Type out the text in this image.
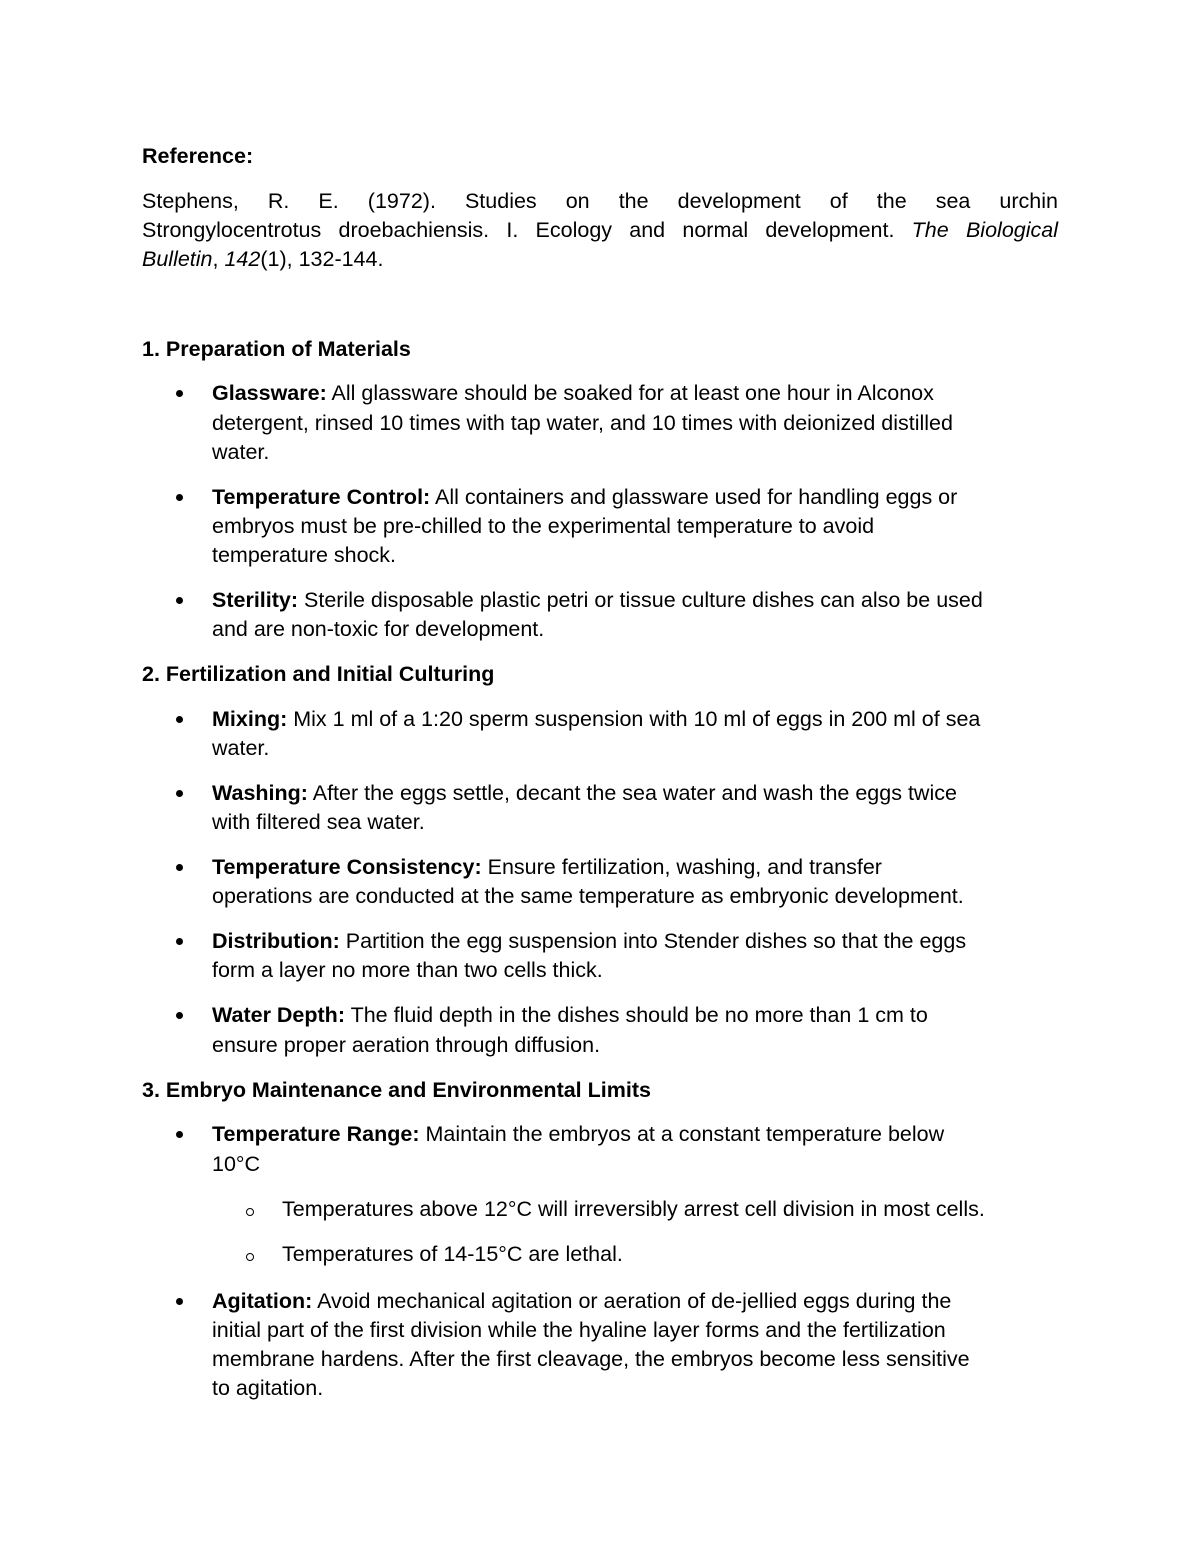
Reference:
Stephens, R. E. (1972). Studies on the development of the sea urchin
Strongylocentrotus droebachiensis. I. Ecology and normal development. The Biological
Bulletin, 142(1), 132-144.
1. Preparation of Materials
Glassware: All glassware should be soaked for at least one hour in Alconox
detergent, rinsed 10 times with tap water, and 10 times with deionized distilled
water.
Temperature Control: All containers and glassware used for handling eggs or
embryos must be pre-chilled to the experimental temperature to avoid
temperature shock.
Sterility: Sterile disposable plastic petri or tissue culture dishes can also be used
and are non-toxic for development.
2. Fertilization and Initial Culturing
Mixing: Mix 1 ml of a 1:20 sperm suspension with 10 ml of eggs in 200 ml of sea
water.
Washing: After the eggs settle, decant the sea water and wash the eggs twice
with filtered sea water.
Temperature Consistency: Ensure fertilization, washing, and transfer
operations are conducted at the same temperature as embryonic development.
Distribution: Partition the egg suspension into Stender dishes so that the eggs
form a layer no more than two cells thick.
Water Depth: The fluid depth in the dishes should be no more than 1 cm to
ensure proper aeration through diffusion.
3. Embryo Maintenance and Environmental Limits
Temperature Range: Maintain the embryos at a constant temperature below
10°C
Temperatures above 12°C will irreversibly arrest cell division in most cells.
Temperatures of 14-15°C are lethal.
Agitation: Avoid mechanical agitation or aeration of de-jellied eggs during the
initial part of the first division while the hyaline layer forms and the fertilization
membrane hardens. After the first cleavage, the embryos become less sensitive
to agitation.
